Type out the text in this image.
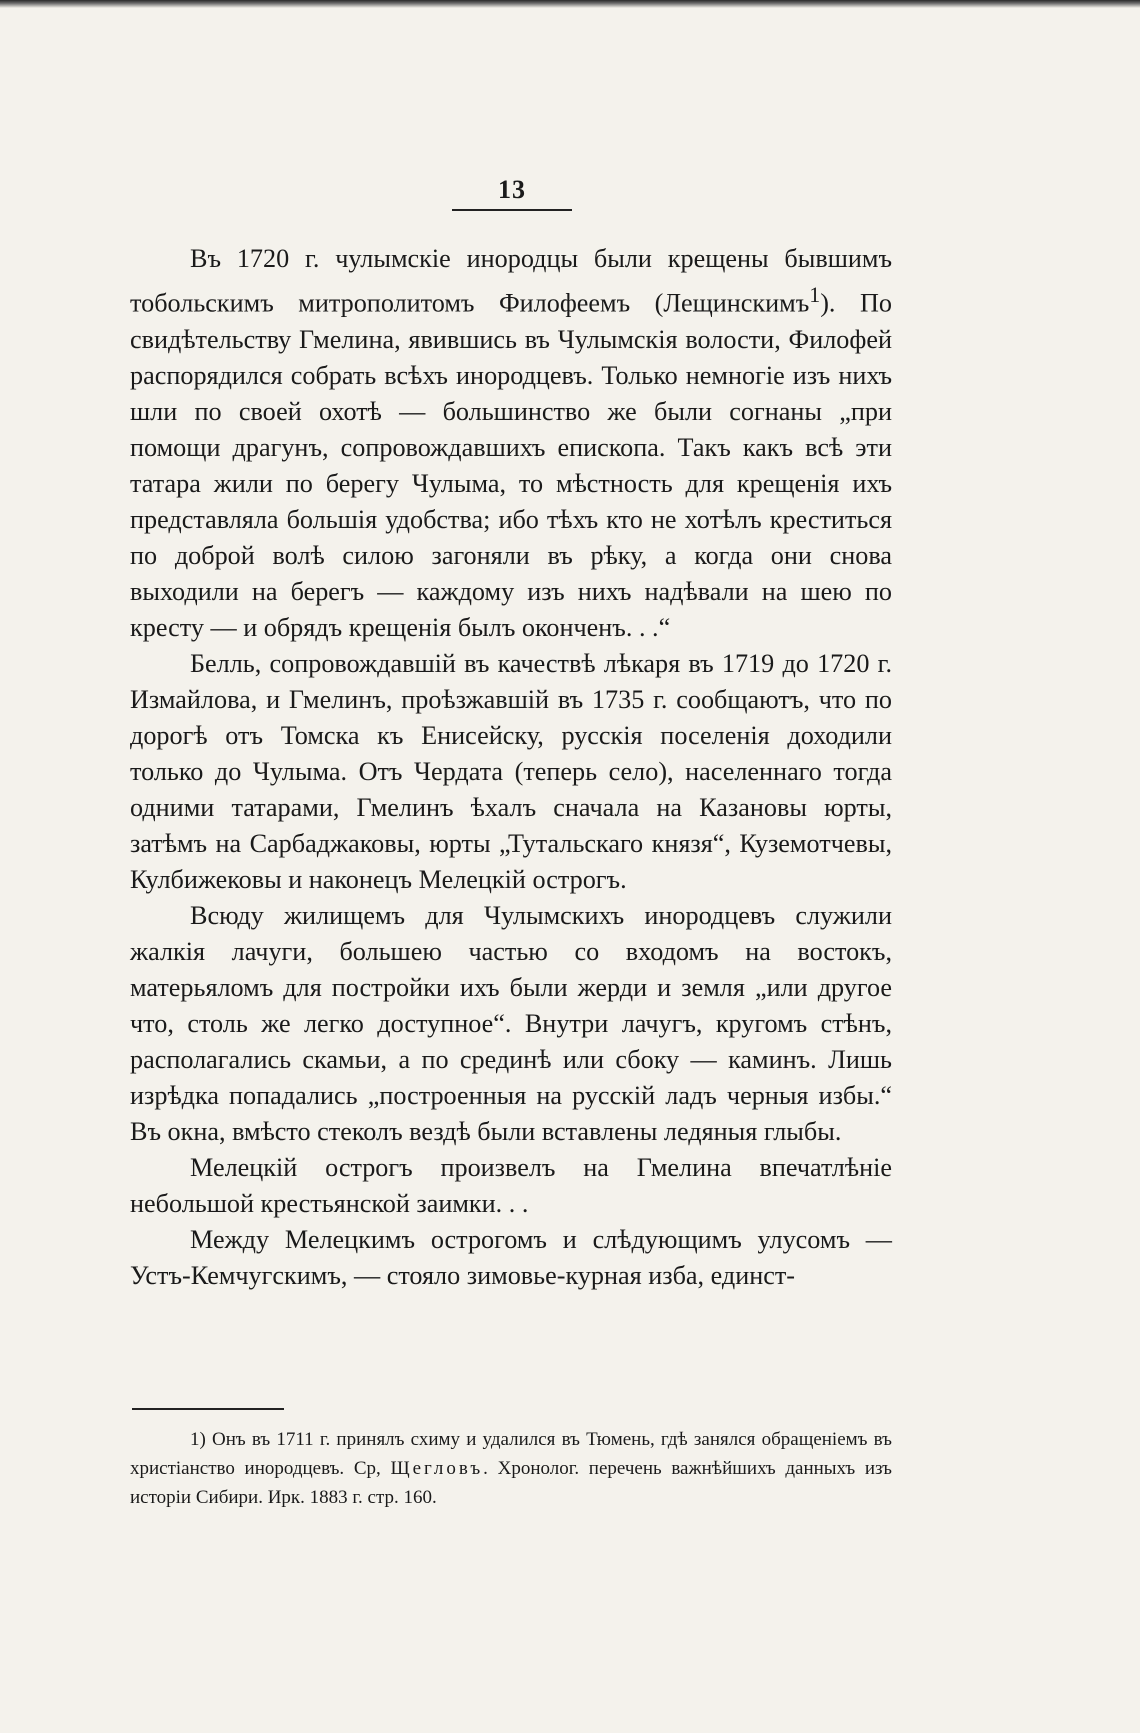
13

Въ 1720 г. чулымскіе инородцы были крещены бывшимъ тобольскимъ митрополитомъ Филофеемъ (Лещинскимъ$^1$). По свидѣтельству Гмелина, явившись въ Чулымскія волости, Филофей распорядился собрать всѣхъ инородцевъ. Только немногіе изъ нихъ шли по своей охотѣ — большинство же были согнаны „при помощи драгунъ, сопровождавшихъ епископа. Такъ какъ всѣ эти татара жили по берегу Чулыма, то мѣстность для крещенія ихъ представляла большія удобства; ибо тѣхъ кто не хотѣлъ креститься по доброй волѣ силою загоняли въ рѣку, а когда они снова выходили на берегъ — каждому изъ нихъ надѣвали на шею по кресту — и обрядъ крещенія былъ оконченъ. . .“

Белль, сопровождавшій въ качествѣ лѣкаря въ 1719 до 1720 г. Измайлова, и Гмелинъ, проѣзжавшій въ 1735 г. сообщаютъ, что по дорогѣ отъ Томска къ Енисейску, русскія поселенія доходили только до Чулыма. Отъ Чердата (теперь село), населеннаго тогда одними татарами, Гмелинъ ѣхалъ сначала на Казановы юрты, затѣмъ на Сарбаджаковы, юрты „Тутальскаго князя“, Куземотчевы, Кулбижековы и наконецъ Мелецкій острогъ.

Всюду жилищемъ для Чулымскихъ инородцевъ служили жалкія лачуги, большею частью со входомъ на востокъ, матерьяломъ для постройки ихъ были жерди и земля „или другое что, столь же легко доступное“. Внутри лачугъ, кругомъ стѣнъ, располагались скамьи, а по срединѣ или сбоку — каминъ. Лишь изрѣдка попадались „построенныя на русскій ладъ черныя избы.“ Въ окна, вмѣсто стеколъ вездѣ были вставлены ледяныя глыбы.

Мелецкій острогъ произвелъ на Гмелина впечатлѣніе небольшой крестьянской заимки. . .

Между Мелецкимъ острогомъ и слѣдующимъ улусомъ — Устъ-Кемчугскимъ, — стояло зимовье-курная изба, единст-

1) Онъ въ 1711 г. принялъ схиму и удалился въ Тюмень, гдѣ занялся обращеніемъ въ христіанство инородцевъ. Ср, Щегловъ. Хронолог. перечень важнѣйшихъ данныхъ изъ исторіи Сибири. Ирк. 1883 г. стр. 160.
